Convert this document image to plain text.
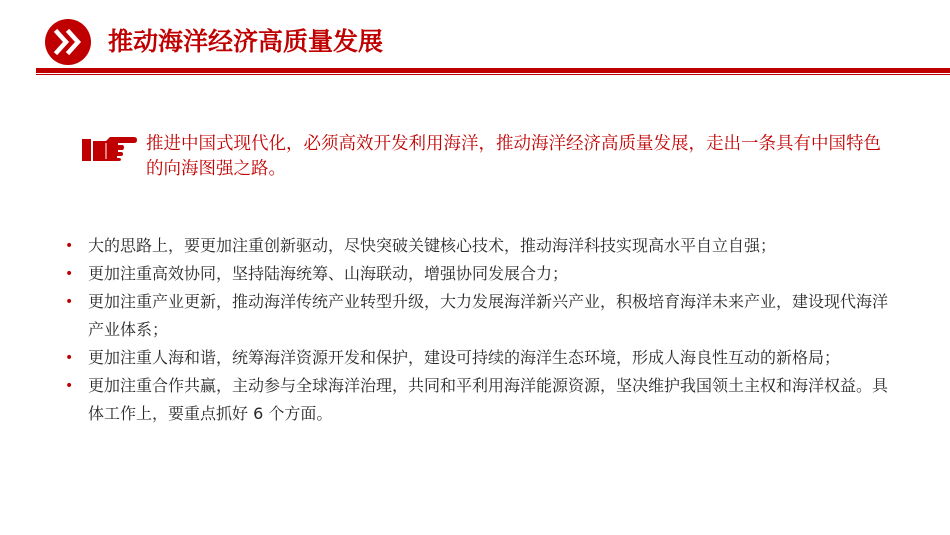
推动海洋经济高质量发展
推进中国式现代化，必须高效开发利用海洋，推动海洋经济高质量发展，走出一条具有中国特色的向海图强之路。
• 大的思路上，要更加注重创新驱动，尽快突破关键核心技术，推动海洋科技实现高水平自立自强；
• 更加注重高效协同，坚持陆海统筹、山海联动，增强协同发展合力；
• 更加注重产业更新，推动海洋传统产业转型升级，大力发展海洋新兴产业，积极培育海洋未来产业，建设现代海洋产业体系；
• 更加注重人海和谐，统筹海洋资源开发和保护，建设可持续的海洋生态环境，形成人海良性互动的新格局；
• 更加注重合作共赢，主动参与全球海洋治理，共同和平利用海洋能源资源，坚决维护我国领土主权和海洋权益。具体工作上，要重点抓好 6 个方面。
